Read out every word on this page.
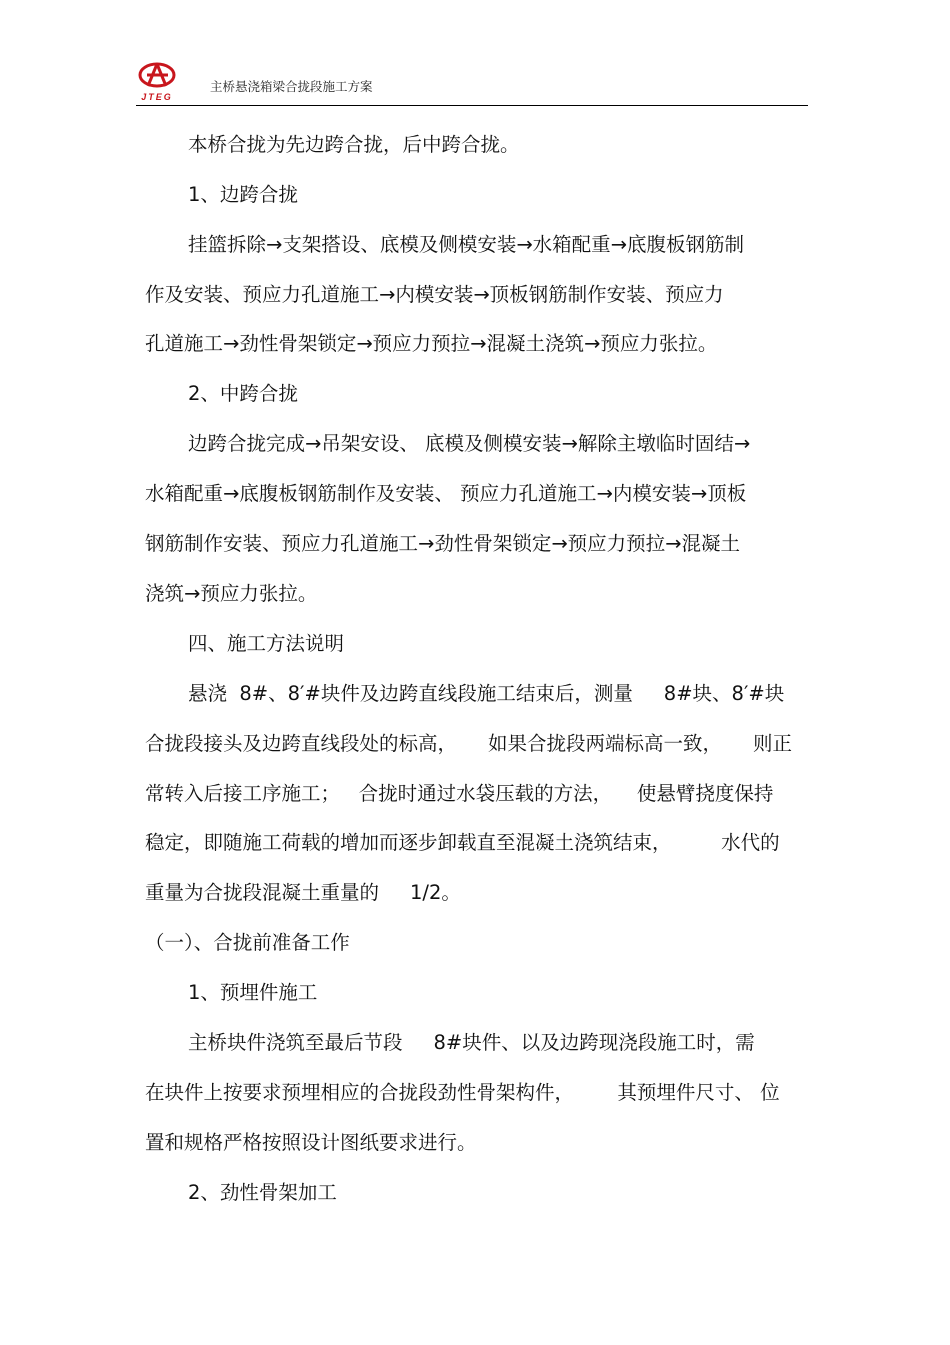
JTEG
主桥悬浇箱梁合拢段施工方案
本桥合拢为先边跨合拢，后中跨合拢。
1、边跨合拢
挂篮拆除→支架搭设、底模及侧模安装→水箱配重→底腹板钢筋制
作及安装、预应力孔道施工→内模安装→顶板钢筋制作安装、预应力
孔道施工→劲性骨架锁定→预应力预拉→混凝土浇筑→预应力张拉。
2、中跨合拢
边跨合拢完成→吊架安设、 底模及侧模安装→解除主墩临时固结→
水箱配重→底腹板钢筋制作及安装、 预应力孔道施工→内模安装→顶板
钢筋制作安装、预应力孔道施工→劲性骨架锁定→预应力预拉→混凝土
浇筑→预应力张拉。
四、施工方法说明
悬浇  8#、8′#块件及边跨直线段施工结束后，测量     8#块、8′#块
合拢段接头及边跨直线段处的标高，     如果合拢段两端标高一致，     则正
常转入后接工序施工；   合拢时通过水袋压载的方法，    使悬臂挠度保持
稳定，即随施工荷载的增加而逐步卸载直至混凝土浇筑结束，        水代的
重量为合拢段混凝土重量的     1/2。
（一）、合拢前准备工作
1、预埋件施工
主桥块件浇筑至最后节段     8#块件、以及边跨现浇段施工时，需
在块件上按要求预埋相应的合拢段劲性骨架构件，       其预埋件尺寸、 位
置和规格严格按照设计图纸要求进行。
2、劲性骨架加工
